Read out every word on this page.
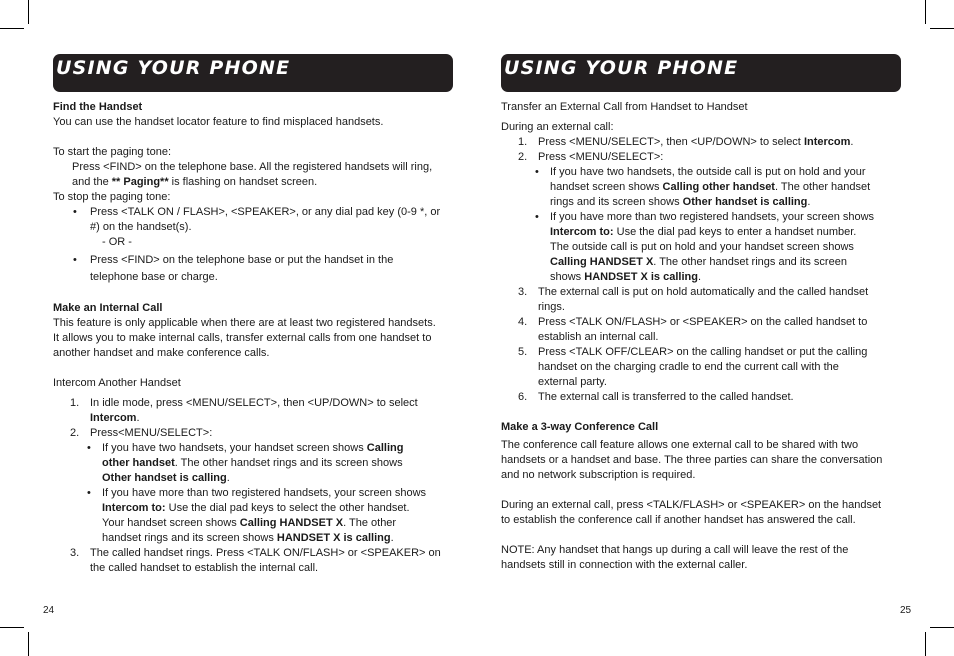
USING YOUR PHONE
Find the Handset

You can use the handset locator feature to find misplaced handsets.

To start the paging tone:

Press <FIND> on the telephone base. All the registered handsets will ring,
and the ** Paging** is flashing on handset screen.

To stop the paging tone:

• Press <TALK ON / FLASH>, <SPEAKER>, or any dial pad key (0-9 *, or
#) on the handset(s).
- OR -
• Press <FIND> on the telephone base or put the handset in the
telephone base or charge.
Make an Internal Call

This feature is only applicable when there are at least two registered handsets.
It allows you to make internal calls, transfer external calls from one handset to
another handset and make conference calls.

Intercom Another Handset

1. In idle mode, press <MENU/SELECT>, then <UP/DOWN> to select
Intercom.
2. Press<MENU/SELECT>:
• If you have two handsets, your handset screen shows Calling
other handset. The other handset rings and its screen shows
Other handset is calling.
• If you have more than two registered handsets, your screen shows
Intercom to: Use the dial pad keys to select the other handset.
Your handset screen shows Calling HANDSET X. The other
handset rings and its screen shows HANDSET X is calling.
3. The called handset rings. Press <TALK ON/FLASH> or <SPEAKER> on
the called handset to establish the internal call.
24
USING YOUR PHONE

Transfer an External Call from Handset to Handset

During an external call:

1. Press <MENU/SELECT>, then <UP/DOWN> to select Intercom.
2. Press <MENU/SELECT>:
• If you have two handsets, the outside call is put on hold and your
handset screen shows Calling other handset. The other handset
rings and its screen shows Other handset is calling.
• If you have more than two registered handsets, your screen shows
Intercom to: Use the dial pad keys to enter a handset number.
The outside call is put on hold and your handset screen shows
Calling HANDSET X. The other handset rings and its screen
shows HANDSET X is calling.
3. The external call is put on hold automatically and the called handset
rings.
4. Press <TALK ON/FLASH> or <SPEAKER> on the called handset to
establish an internal call.
5. Press <TALK OFF/CLEAR> on the calling handset or put the calling
handset on the charging cradle to end the current call with the
external party.
6. The external call is transferred to the called handset.
Make a 3-way Conference Call

The conference call feature allows one external call to be shared with two
handsets or a handset and base. The three parties can share the conversation
and no network subscription is required.

During an external call, press <TALK/FLASH> or <SPEAKER> on the handset
to establish the conference call if another handset has answered the call.

NOTE: Any handset that hangs up during a call will leave the rest of the
handsets still in connection with the external caller.

25
